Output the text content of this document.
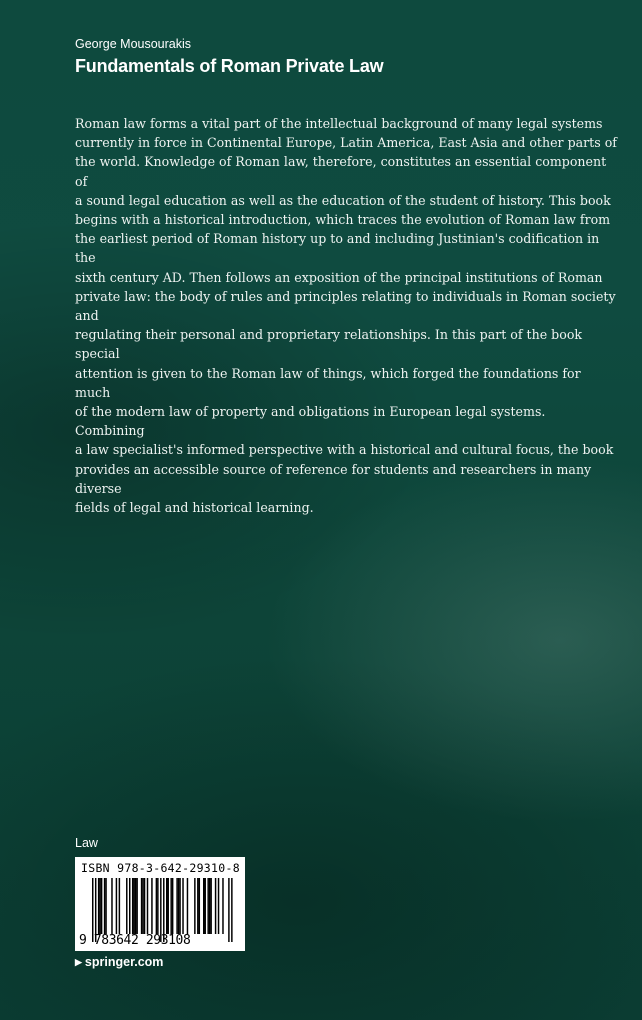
George Mousourakis
Fundamentals of Roman Private Law
Roman law forms a vital part of the intellectual background of many legal systems
currently in force in Continental Europe, Latin America, East Asia and other parts of
the world. Knowledge of Roman law, therefore, constitutes an essential component of
a sound legal education as well as the education of the student of history. This book
begins with a historical introduction, which traces the evolution of Roman law from
the earliest period of Roman history up to and including Justinian's codification in the
sixth century AD. Then follows an exposition of the principal institutions of Roman
private law: the body of rules and principles relating to individuals in Roman society and
regulating their personal and proprietary relationships. In this part of the book special
attention is given to the Roman law of things, which forged the foundations for much
of the modern law of property and obligations in European legal systems. Combining
a law specialist's informed perspective with a historical and cultural focus, the book
provides an accessible source of reference for students and researchers in many diverse
fields of legal and historical learning.
Law
ISBN 978-3-642-29310-8
9 783642 293108
▶ springer.com
